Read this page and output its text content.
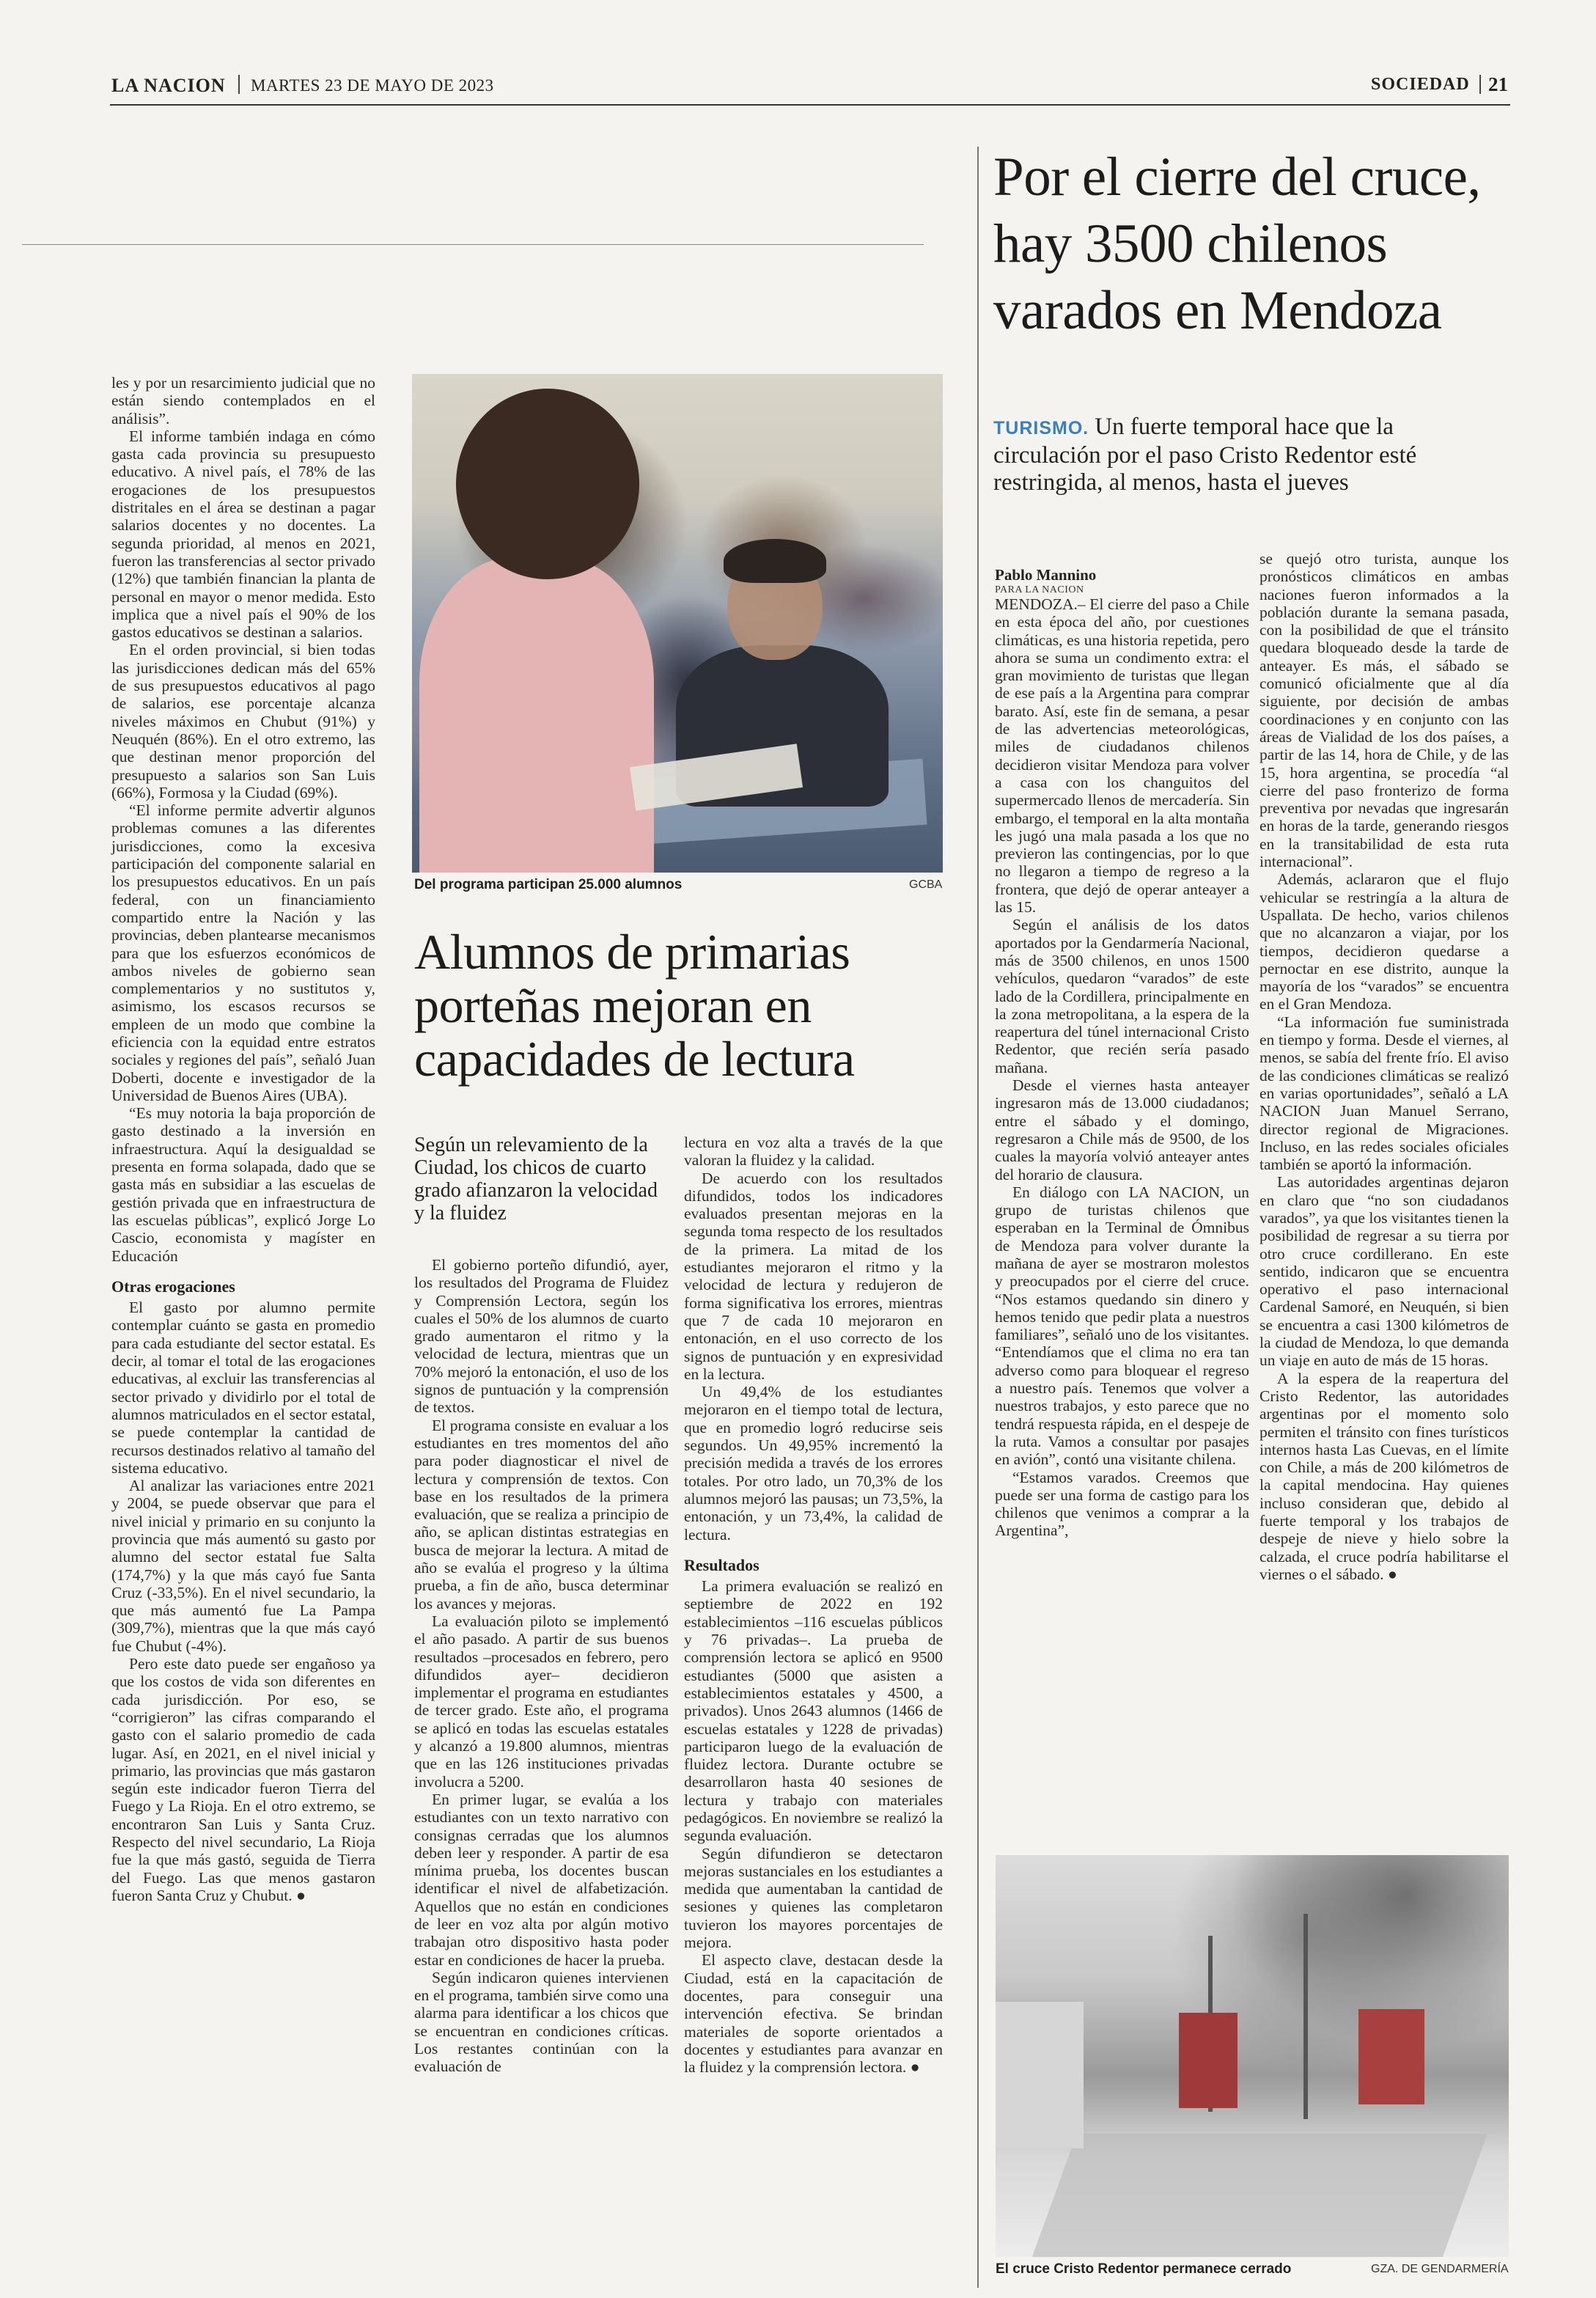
LA NACION MARTES 23 DE MAYO DE 2023	SOCIEDAD 21

les y por un resarcimiento judicial que no están siendo contemplados en el análisis”.

El informe también indaga en cómo gasta cada provincia su presupuesto educativo. A nivel país, el 78% de las erogaciones de los presupuestos distritales en el área se destinan a pagar salarios docentes y no docentes. La segunda prioridad, al menos en 2021, fueron las transferencias al sector privado (12%) que también financian la planta de personal en mayor o menor medida. Esto implica que a nivel país el 90% de los gastos educativos se destinan a salarios.

En el orden provincial, si bien todas las jurisdicciones dedican más del 65% de sus presupuestos educativos al pago de salarios, ese porcentaje alcanza niveles máximos en Chubut (91%) y Neuquén (86%). En el otro extremo, las que destinan menor proporción del presupuesto a salarios son San Luis (66%), Formosa y la Ciudad (69%).

“El informe permite advertir algunos problemas comunes a las diferentes jurisdicciones, como la excesiva participación del componente salarial en los presupuestos educativos. En un país federal, con un financiamiento compartido entre la Nación y las provincias, deben plantearse mecanismos para que los esfuerzos económicos de ambos niveles de gobierno sean complementarios y no sustitutos y, asimismo, los escasos recursos se empleen de un modo que combine la eficiencia con la equidad entre estratos sociales y regiones del país”, señaló Juan Doberti, docente e investigador de la Universidad de Buenos Aires (UBA).

“Es muy notoria la baja proporción de gasto destinado a la inversión en infraestructura. Aquí la desigualdad se presenta en forma solapada, dado que se gasta más en subsidiar a las escuelas de gestión privada que en infraestructura de las escuelas públicas”, explicó Jorge Lo Cascio, economista y magíster en Educación

Otras erogaciones

El gasto por alumno permite contemplar cuánto se gasta en promedio para cada estudiante del sector estatal. Es decir, al tomar el total de las erogaciones educativas, al excluir las transferencias al sector privado y dividirlo por el total de alumnos matriculados en el sector estatal, se puede contemplar la cantidad de recursos destinados relativo al tamaño del sistema educativo.

Al analizar las variaciones entre 2021 y 2004, se puede observar que para el nivel inicial y primario en su conjunto la provincia que más aumentó su gasto por alumno del sector estatal fue Salta (174,7%) y la que más cayó fue Santa Cruz (-33,5%). En el nivel secundario, la que más aumentó fue La Pampa (309,7%), mientras que la que más cayó fue Chubut (-4%).

Pero este dato puede ser engañoso ya que los costos de vida son diferentes en cada jurisdicción. Por eso, se “corrigieron” las cifras comparando el gasto con el salario promedio de cada lugar. Así, en 2021, en el nivel inicial y primario, las provincias que más gastaron según este indicador fueron Tierra del Fuego y La Rioja. En el otro extremo, se encontraron San Luis y Santa Cruz. Respecto del nivel secundario, La Rioja fue la que más gastó, seguida de Tierra del Fuego. Las que menos gastaron fueron Santa Cruz y Chubut. ●

Del programa participan 25.000 alumnos	GCBA
Alumnos de primarias porteñas mejoran en capacidades de lectura
Según un relevamiento de la Ciudad, los chicos de cuarto grado afianzaron la velocidad y la fluidez

El gobierno porteño difundió, ayer, los resultados del Programa de Fluidez y Comprensión Lectora, según los cuales el 50% de los alumnos de cuarto grado aumentaron el ritmo y la velocidad de lectura, mientras que un 70% mejoró la entonación, el uso de los signos de puntuación y la comprensión de textos.

El programa consiste en evaluar a los estudiantes en tres momentos del año para poder diagnosticar el nivel de lectura y comprensión de textos. Con base en los resultados de la primera evaluación, que se realiza a principio de año, se aplican distintas estrategias en busca de mejorar la lectura. A mitad de año se evalúa el progreso y la última prueba, a fin de año, busca determinar los avances y mejoras.

La evaluación piloto se implementó el año pasado. A partir de sus buenos resultados –procesados en febrero, pero difundidos ayer– decidieron implementar el programa en estudiantes de tercer grado. Este año, el programa se aplicó en todas las escuelas estatales y alcanzó a 19.800 alumnos, mientras que en las 126 instituciones privadas involucra a 5200.

En primer lugar, se evalúa a los estudiantes con un texto narrativo con consignas cerradas que los alumnos deben leer y responder. A partir de esa mínima prueba, los docentes buscan identificar el nivel de alfabetización. Aquellos que no están en condiciones de leer en voz alta por algún motivo trabajan otro dispositivo hasta poder estar en condiciones de hacer la prueba.

Según indicaron quienes intervienen en el programa, también sirve como una alarma para identificar a los chicos que se encuentran en condiciones críticas. Los restantes continúan con la evaluación de

lectura en voz alta a través de la que valoran la fluidez y la calidad.

De acuerdo con los resultados difundidos, todos los indicadores evaluados presentan mejoras en la segunda toma respecto de los resultados de la primera. La mitad de los estudiantes mejoraron el ritmo y la velocidad de lectura y redujeron de forma significativa los errores, mientras que 7 de cada 10 mejoraron en entonación, en el uso correcto de los signos de puntuación y en expresividad en la lectura.

Un 49,4% de los estudiantes mejoraron en el tiempo total de lectura, que en promedio logró reducirse seis segundos. Un 49,95% incrementó la precisión medida a través de los errores totales. Por otro lado, un 70,3% de los alumnos mejoró las pausas; un 73,5%, la entonación, y un 73,4%, la calidad de lectura.

Resultados

La primera evaluación se realizó en septiembre de 2022 en 192 establecimientos –116 escuelas públicos y 76 privadas–. La prueba de comprensión lectora se aplicó en 9500 estudiantes (5000 que asisten a establecimientos estatales y 4500, a privados). Unos 2643 alumnos (1466 de escuelas estatales y 1228 de privadas) participaron luego de la evaluación de fluidez lectora. Durante octubre se desarrollaron hasta 40 sesiones de lectura y trabajo con materiales pedagógicos. En noviembre se realizó la segunda evaluación.

Según difundieron se detectaron mejoras sustanciales en los estudiantes a medida que aumentaban la cantidad de sesiones y quienes las completaron tuvieron los mayores porcentajes de mejora.

El aspecto clave, destacan desde la Ciudad, está en la capacitación de docentes, para conseguir una intervención efectiva. Se brindan materiales de soporte orientados a docentes y estudiantes para avanzar en la fluidez y la comprensión lectora. ●

Por el cierre del cruce, hay 3500 chilenos varados en Mendoza
TURISMO. Un fuerte temporal hace que la circulación por el paso Cristo Redentor esté restringida, al menos, hasta el jueves
Pablo Mannino
PARA LA NACION

MENDOZA.– El cierre del paso a Chile en esta época del año, por cuestiones climáticas, es una historia repetida, pero ahora se suma un condimento extra: el gran movimiento de turistas que llegan de ese país a la Argentina para comprar barato. Así, este fin de semana, a pesar de las advertencias meteorológicas, miles de ciudadanos chilenos decidieron visitar Mendoza para volver a casa con los changuitos del supermercado llenos de mercadería. Sin embargo, el temporal en la alta montaña les jugó una mala pasada a los que no previeron las contingencias, por lo que no llegaron a tiempo de regreso a la frontera, que dejó de operar anteayer a las 15.

Según el análisis de los datos aportados por la Gendarmería Nacional, más de 3500 chilenos, en unos 1500 vehículos, quedaron “varados” de este lado de la Cordillera, principalmente en la zona metropolitana, a la espera de la reapertura del túnel internacional Cristo Redentor, que recién sería pasado mañana.

Desde el viernes hasta anteayer ingresaron más de 13.000 ciudadanos; entre el sábado y el domingo, regresaron a Chile más de 9500, de los cuales la mayoría volvió anteayer antes del horario de clausura.

En diálogo con LA NACION, un grupo de turistas chilenos que esperaban en la Terminal de Ómnibus de Mendoza para volver durante la mañana de ayer se mostraron molestos y preocupados por el cierre del cruce. “Nos estamos quedando sin dinero y hemos tenido que pedir plata a nuestros familiares”, señaló uno de los visitantes. “Entendíamos que el clima no era tan adverso como para bloquear el regreso a nuestro país. Tenemos que volver a nuestros trabajos, y esto parece que no tendrá respuesta rápida, en el despeje de la ruta. Vamos a consultar por pasajes en avión”, contó una visitante chilena.

“Estamos varados. Creemos que puede ser una forma de castigo para los chilenos que venimos a comprar a la Argentina”,

se quejó otro turista, aunque los pronósticos climáticos en ambas naciones fueron informados a la población durante la semana pasada, con la posibilidad de que el tránsito quedara bloqueado desde la tarde de anteayer. Es más, el sábado se comunicó oficialmente que al día siguiente, por decisión de ambas coordinaciones y en conjunto con las áreas de Vialidad de los dos países, a partir de las 14, hora de Chile, y de las 15, hora argentina, se procedía “al cierre del paso fronterizo de forma preventiva por nevadas que ingresarán en horas de la tarde, generando riesgos en la transitabilidad de esta ruta internacional”.

Además, aclararon que el flujo vehicular se restringía a la altura de Uspallata. De hecho, varios chilenos que no alcanzaron a viajar, por los tiempos, decidieron quedarse a pernoctar en ese distrito, aunque la mayoría de los “varados” se encuentra en el Gran Mendoza.

“La información fue suministrada en tiempo y forma. Desde el viernes, al menos, se sabía del frente frío. El aviso de las condiciones climáticas se realizó en varias oportunidades”, señaló a LA NACION Juan Manuel Serrano, director regional de Migraciones. Incluso, en las redes sociales oficiales también se aportó la información.

Las autoridades argentinas dejaron en claro que “no son ciudadanos varados”, ya que los visitantes tienen la posibilidad de regresar a su tierra por otro cruce cordillerano. En este sentido, indicaron que se encuentra operativo el paso internacional Cardenal Samoré, en Neuquén, si bien se encuentra a casi 1300 kilómetros de la ciudad de Mendoza, lo que demanda un viaje en auto de más de 15 horas.

A la espera de la reapertura del Cristo Redentor, las autoridades argentinas por el momento solo permiten el tránsito con fines turísticos internos hasta Las Cuevas, en el límite con Chile, a más de 200 kilómetros de la capital mendocina. Hay quienes incluso consideran que, debido al fuerte temporal y los trabajos de despeje de nieve y hielo sobre la calzada, el cruce podría habilitarse el viernes o el sábado. ●

El cruce Cristo Redentor permanece cerrado	GZA. DE GENDARMERÍA
